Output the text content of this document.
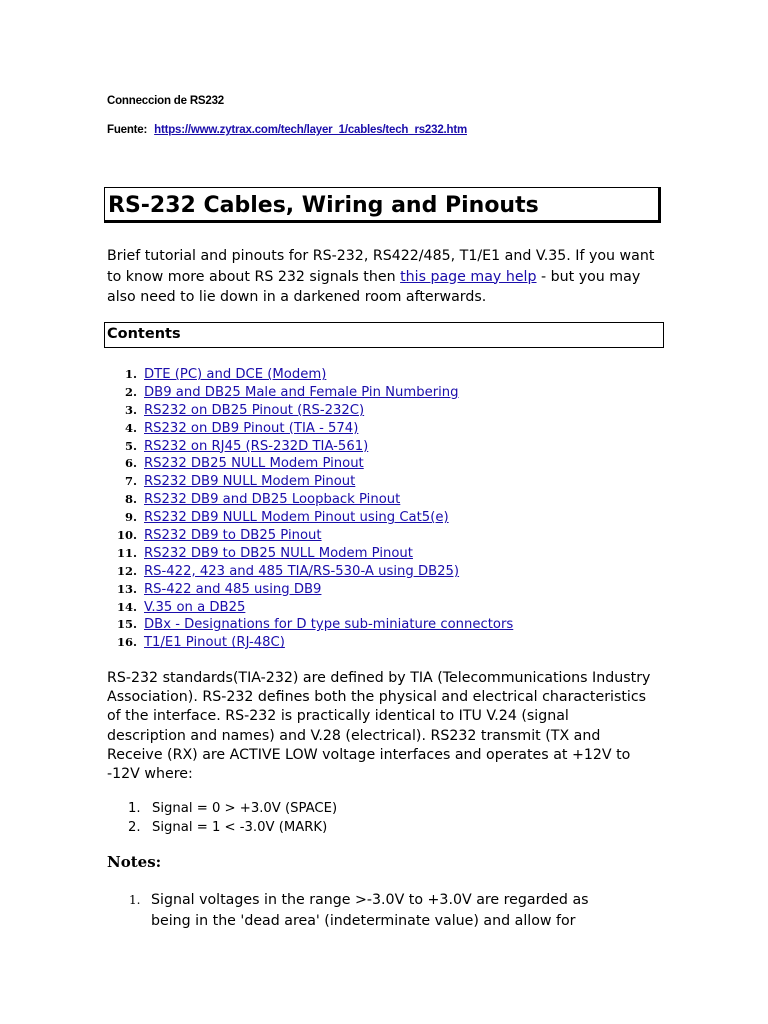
Conneccion de RS232
Fuente: https://www.zytrax.com/tech/layer_1/cables/tech_rs232.htm
RS-232 Cables, Wiring and Pinouts
Brief tutorial and pinouts for RS-232, RS422/485, T1/E1 and V.35. If you want to know more about RS 232 signals then this page may help - but you may also need to lie down in a darkened room afterwards.
Contents
1. DTE (PC) and DCE (Modem)
2. DB9 and DB25 Male and Female Pin Numbering
3. RS232 on DB25 Pinout (RS-232C)
4. RS232 on DB9 Pinout (TIA - 574)
5. RS232 on RJ45 (RS-232D TIA-561)
6. RS232 DB25 NULL Modem Pinout
7. RS232 DB9 NULL Modem Pinout
8. RS232 DB9 and DB25 Loopback Pinout
9. RS232 DB9 NULL Modem Pinout using Cat5(e)
10. RS232 DB9 to DB25 Pinout
11. RS232 DB9 to DB25 NULL Modem Pinout
12. RS-422, 423 and 485 TIA/RS-530-A using DB25)
13. RS-422 and 485 using DB9
14. V.35 on a DB25
15. DBx - Designations for D type sub-miniature connectors
16. T1/E1 Pinout (RJ-48C)
RS-232 standards(TIA-232) are defined by TIA (Telecommunications Industry Association). RS-232 defines both the physical and electrical characteristics of the interface. RS-232 is practically identical to ITU V.24 (signal description and names) and V.28 (electrical). RS232 transmit (TX and Receive (RX) are ACTIVE LOW voltage interfaces and operates at +12V to -12V where:
1. Signal = 0 > +3.0V (SPACE)
2. Signal = 1 < -3.0V (MARK)
Notes:
1. Signal voltages in the range >-3.0V to +3.0V are regarded as being in the 'dead area' (indeterminate value) and allow for
